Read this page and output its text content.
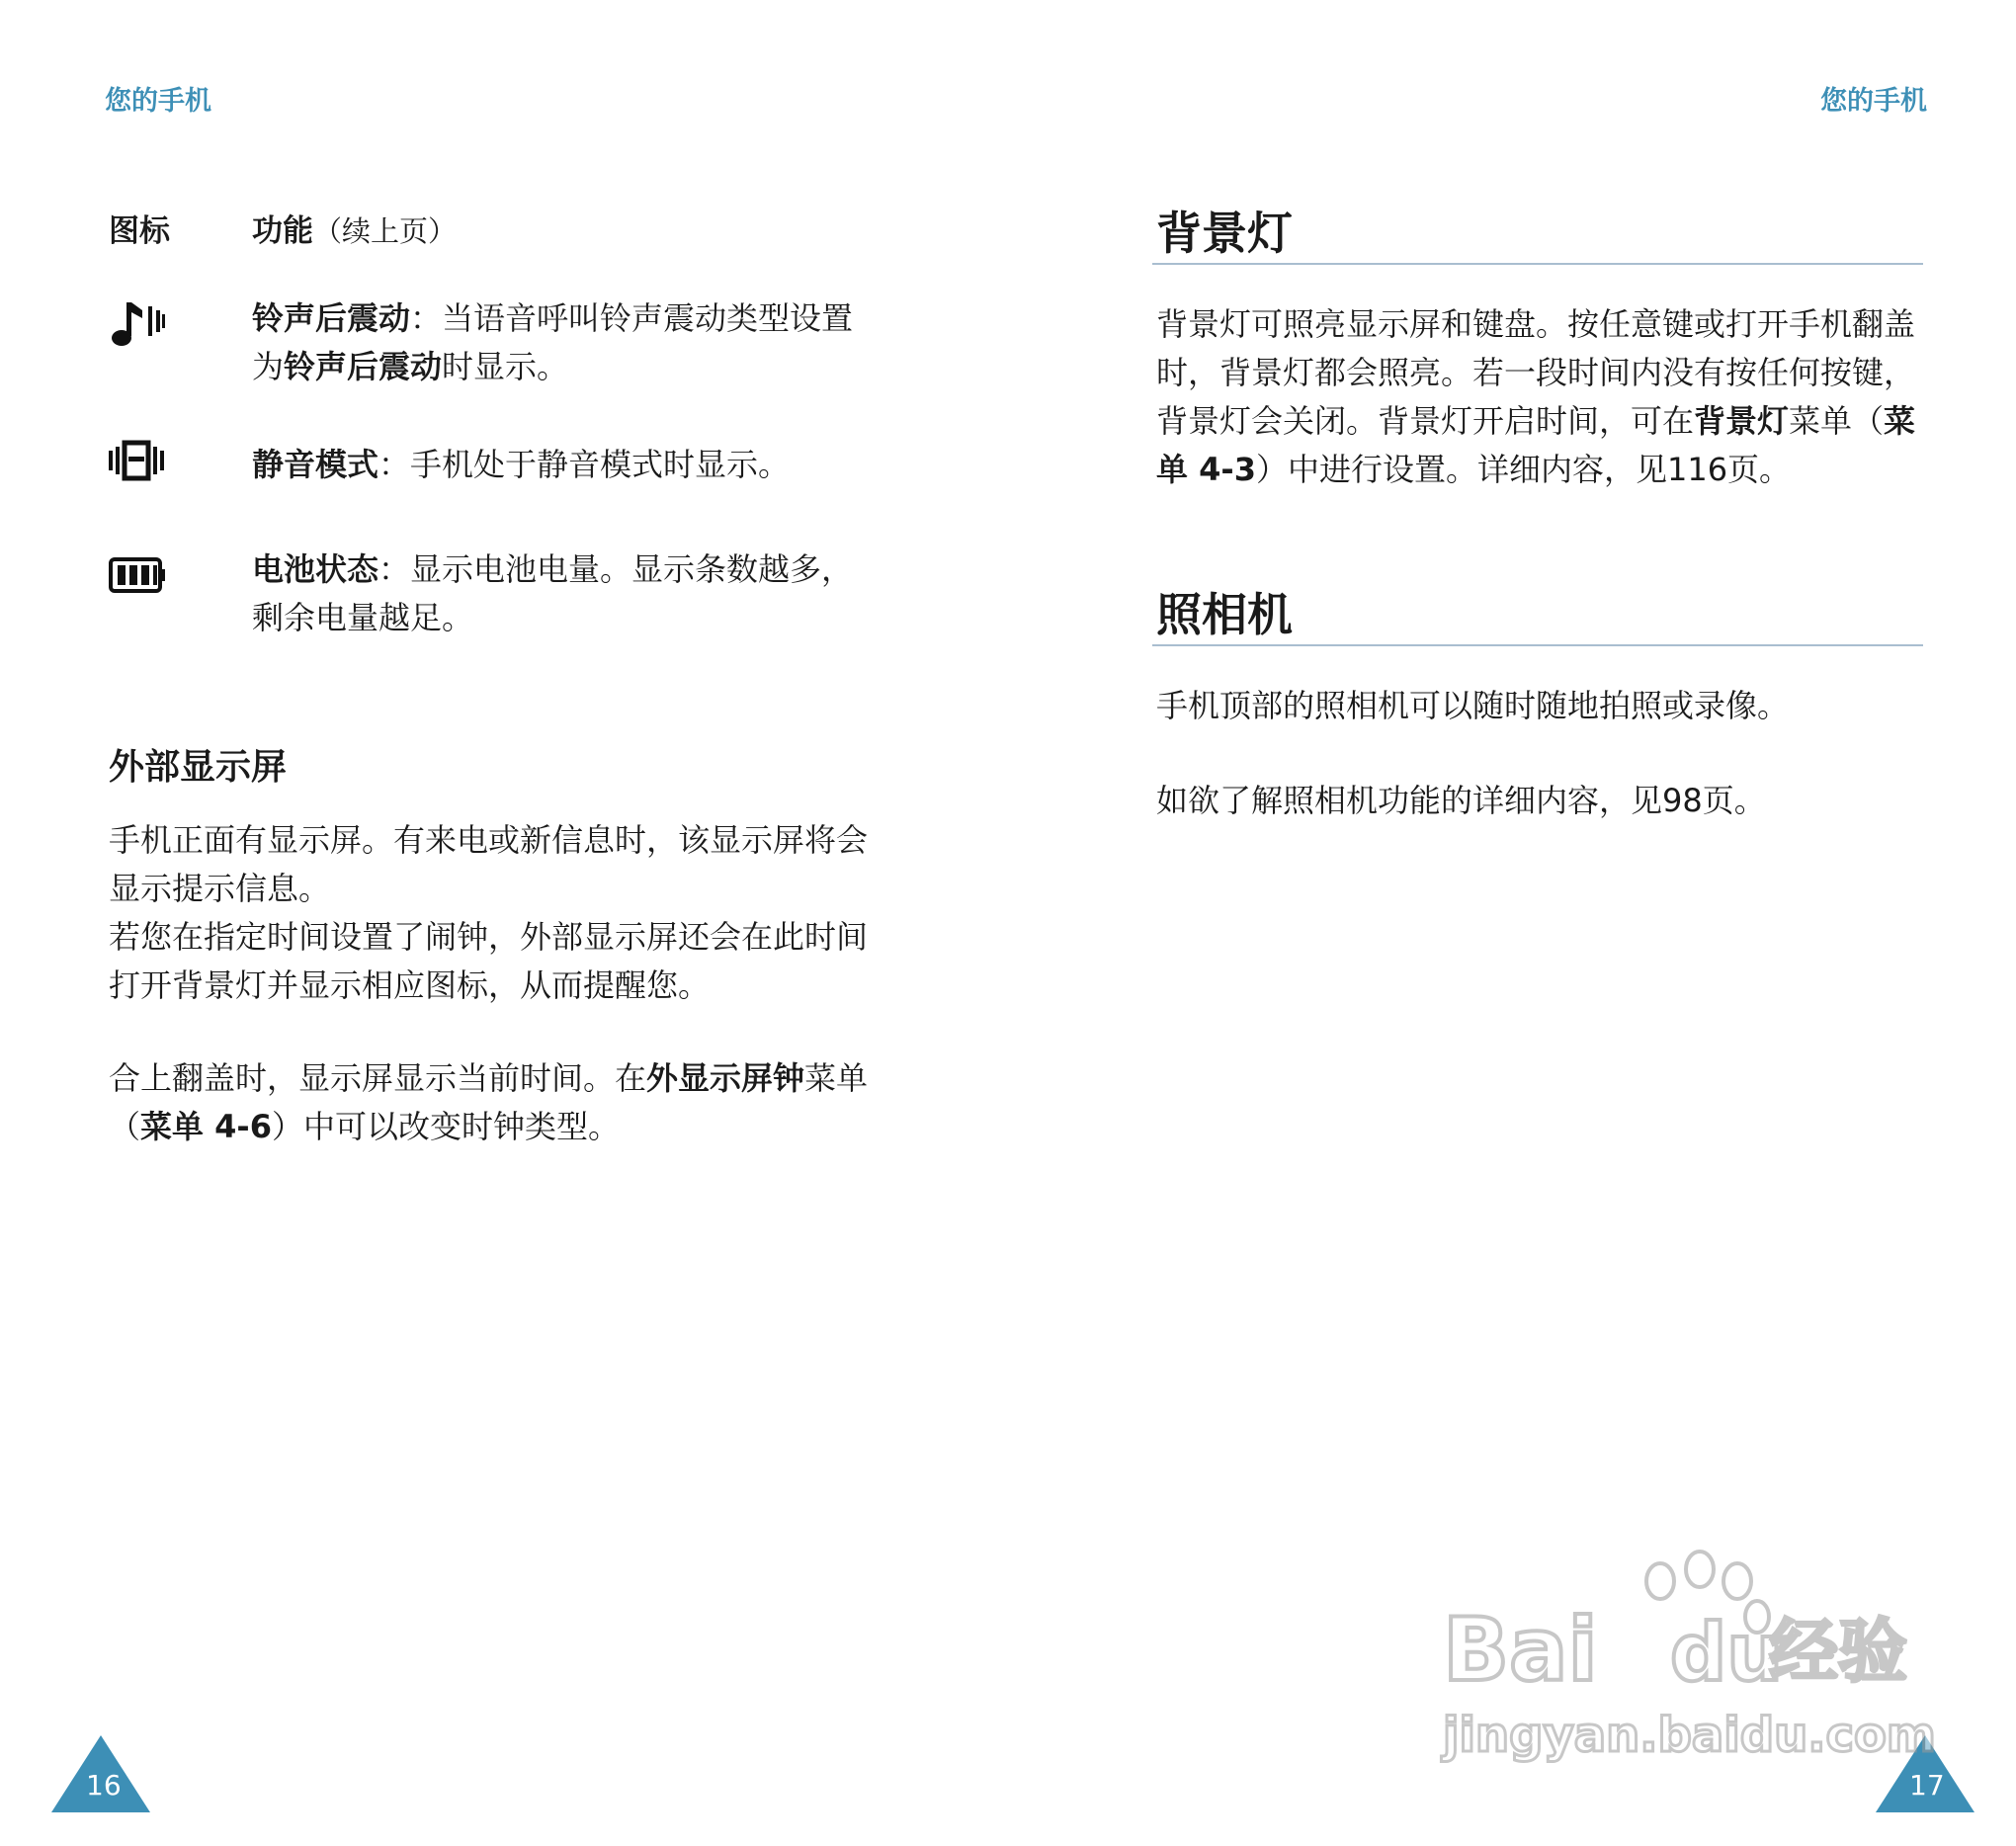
您的手机	您的手机
图标	功能（续上页）
铃声后震动：当语音呼叫铃声震动类型设置
为铃声后震动时显示。
静音模式：手机处于静音模式时显示。
电池状态：显示电池电量。显示条数越多，
剩余电量越足。
外部显示屏
手机正面有显示屏。有来电或新信息时，该显示屏将会
显示提示信息。
若您在指定时间设置了闹钟，外部显示屏还会在此时间
打开背景灯并显示相应图标，从而提醒您。
合上翻盖时，显示屏显示当前时间。在外显示屏钟菜单
（菜单 4-6）中可以改变时钟类型。
背景灯
背景灯可照亮显示屏和键盘。按任意键或打开手机翻盖
时，背景灯都会照亮。若一段时间内没有按任何按键，
背景灯会关闭。背景灯开启时间，可在背景灯菜单（菜
单 4-3）中进行设置。详细内容，见116页。
照相机
手机顶部的照相机可以随时随地拍照或录像。
如欲了解照相机功能的详细内容，见98页。
16	17
Bai du
经验
jingyan.baidu.com
